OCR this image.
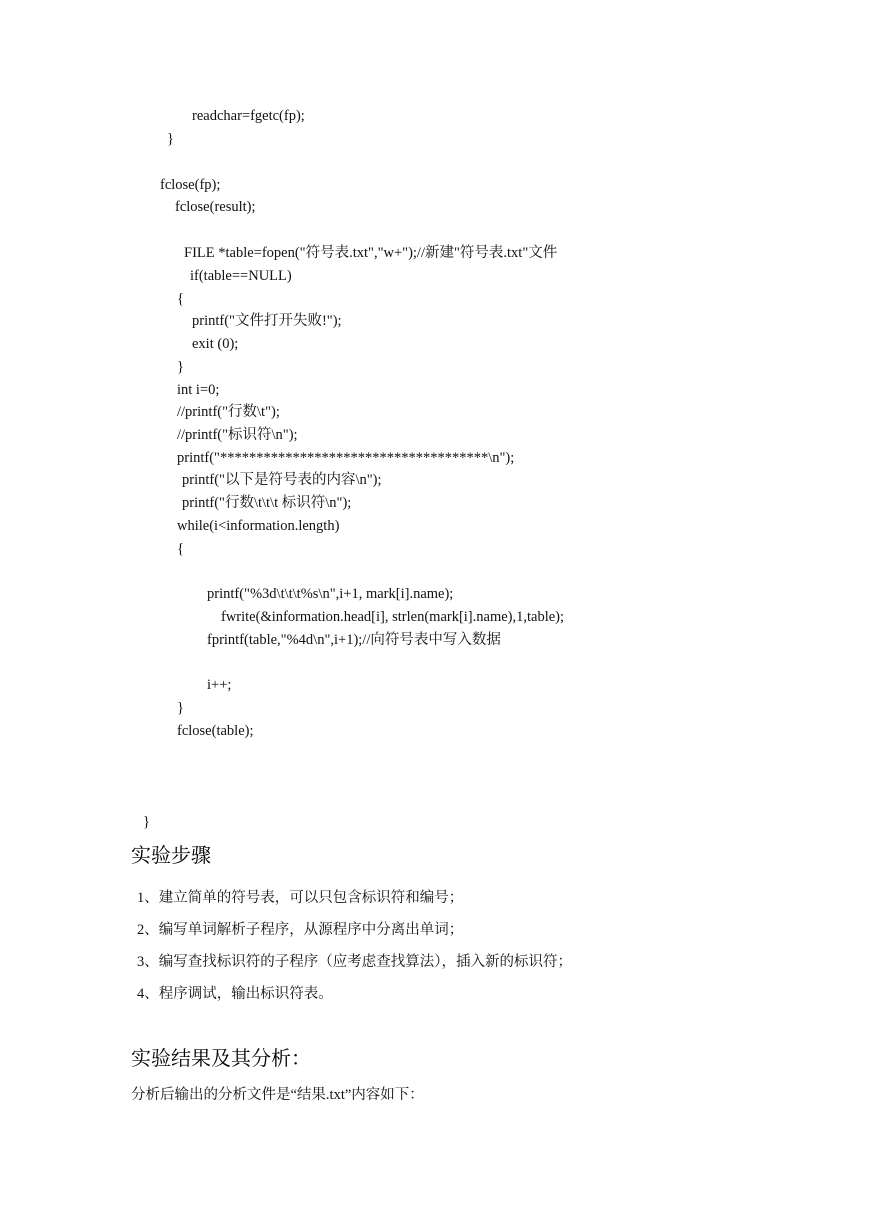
readchar=fgetc(fp);
}
fclose(fp);
fclose(result);
FILE *table=fopen("符号表.txt","w+");//新建"符号表.txt"文件
if(table==NULL)
{
printf("文件打开失败!");
exit (0);
}
int i=0;
//printf("行数\t");
//printf("标识符\n");
printf("*************************************\n");
printf("以下是符号表的内容\n");
printf("行数\t\t\t 标识符\n");
while(i<information.length)
{
printf("%3d\t\t\t%s\n",i+1, mark[i].name);
fwrite(&information.head[i], strlen(mark[i].name),1,table);
fprintf(table,"%4d\n",i+1);//向符号表中写入数据
i++;
}
fclose(table);
}
实验步骤
1、建立简单的符号表，可以只包含标识符和编号；
2、编写单词解析子程序，从源程序中分离出单词；
3、编写查找标识符的子程序（应考虑查找算法），插入新的标识符；
4、程序调试，输出标识符表。
实验结果及其分析：
分析后输出的分析文件是“结果.txt”内容如下：
